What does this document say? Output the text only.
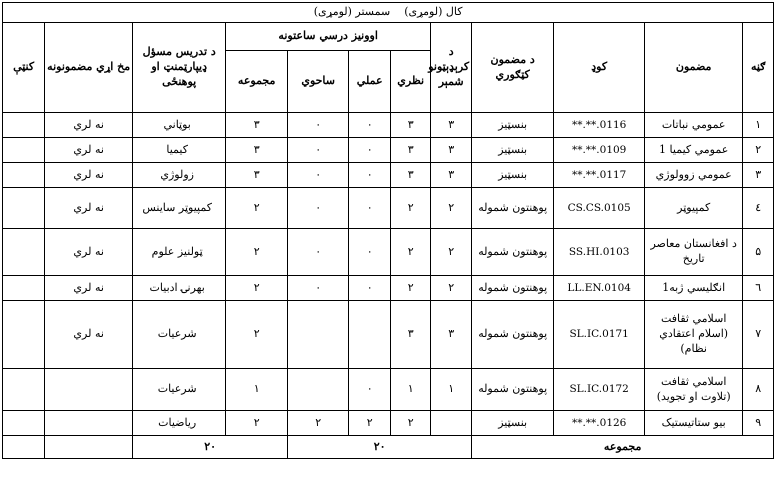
کال (لومړی)سمستر (لومړی)											
ګڼه	مضمون	کوډ	د مضمون کټګوري	د کرېډېټونو شمېر	اوونیز درسي ساعتونه				د تدریس مسؤل ډيپارټمنټ او پوهنځی	مخ اړي مضمونونه	کنټې
					نظري	عملي	ساحوي	مجموعه			
۱	عمومي نباتات	**.**.0116	بنسټیز	۳	۳	۰	۰	۳	بوټاني	نه لري	
۲	عمومي کیمیا 1	**.**.0109	بنسټیز	۳	۳	۰	۰	۳	کیمیا	نه لري	
۳	عمومي زوولوژي	**.**.0117	بنسټیز	۳	۳	۰	۰	۳	زولوژي	نه لري	
٤	کمپیوټر	CS.CS.0105	پوهنتون شموله	۲	۲	۰	۰	۲	کمپیوټر ساینس	نه لري	
۵	د افغانستان معاصر تاریخ	SS.HI.0103	پوهنتون شموله	۲	۲	۰	۰	۲	ټولنیز علوم	نه لري	
٦	انګلیسي ژبه1	LL.EN.0104	پوهنتون شموله	۲	۲	۰	۰	۲	بهرنۍ ادبیات	نه لري	
۷	اسلامي ثقافت (اسلام اعتقادي نظام)	SL.IC.0171	پوهنتون شموله	۳	۳			۲	شرعیات	نه لري	
۸	اسلامي ثقافت (تلاوت او تجوید)	SL.IC.0172	پوهنتون شموله	۱	۱	۰		۱	شرعیات		
۹	بیو ستاتیستیک	**.**.0126	بنسټیز		۲	۲	۲	۲	ریاضیات		
مجموعه				۲۰				۲۰			
